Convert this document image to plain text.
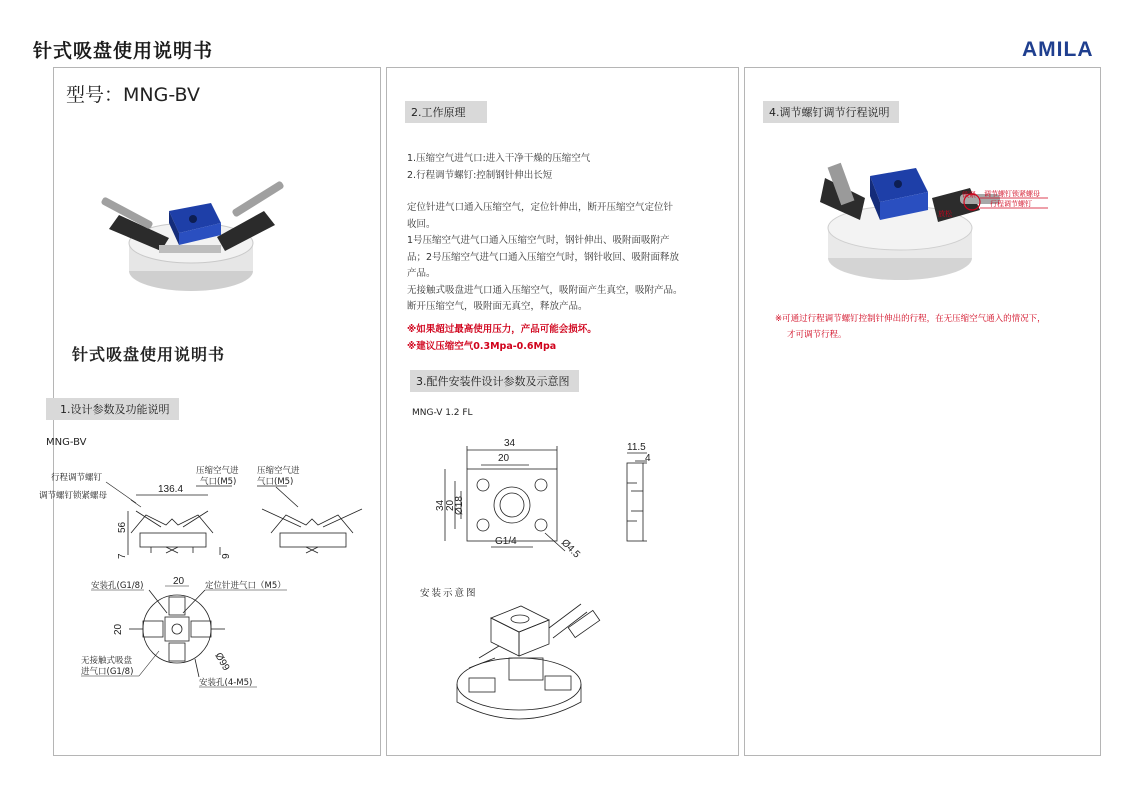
针式吸盘使用说明书	AMILA
型号：MNG-BV
针式吸盘使用说明书
1.设计参数及功能说明
MNG-BV
行程调节螺钉
调节螺钉锁紧螺母
压缩空气进
气口(M5)
压缩空气进
气口(M5)
136.4
56
7	9
安装孔(G1/8)	定位针进气口（M5）
20
20
Ø99
无接触式吸盘
进气口(G1/8)
安装孔(4-M5)
2.工作原理
1.压缩空气进气口:进入干净干燥的压缩空气
2.行程调节螺钉:控制钢针伸出长短
定位针进气口通入压缩空气，定位针伸出，断开压缩空气定位针
收回。
1号压缩空气进气口通入压缩空气时，钢针伸出、吸附面吸附产
品；2号压缩空气进气口通入压缩空气时，钢针收回、吸附面释放
产品。
无接触式吸盘进气口通入压缩空气，吸附面产生真空，吸附产品。
断开压缩空气，吸附面无真空，释放产品。
※如果超过最高使用压力，产品可能会损坏。
※建议压缩空气0.3Mpa-0.6Mpa
3.配件安装件设计参数及示意图
MNG-V 1.2 FL
34
20
34 20
Ø18
G1/4	Ø4.5
11.5
4
安装示意图
4.调节螺钉调节行程说明
锁紧 调节螺钉锁紧螺母
放松
行程调节螺钉
※可通过行程调节螺钉控制针伸出的行程，在无压缩空气通入的情况下，
才可调节行程。
